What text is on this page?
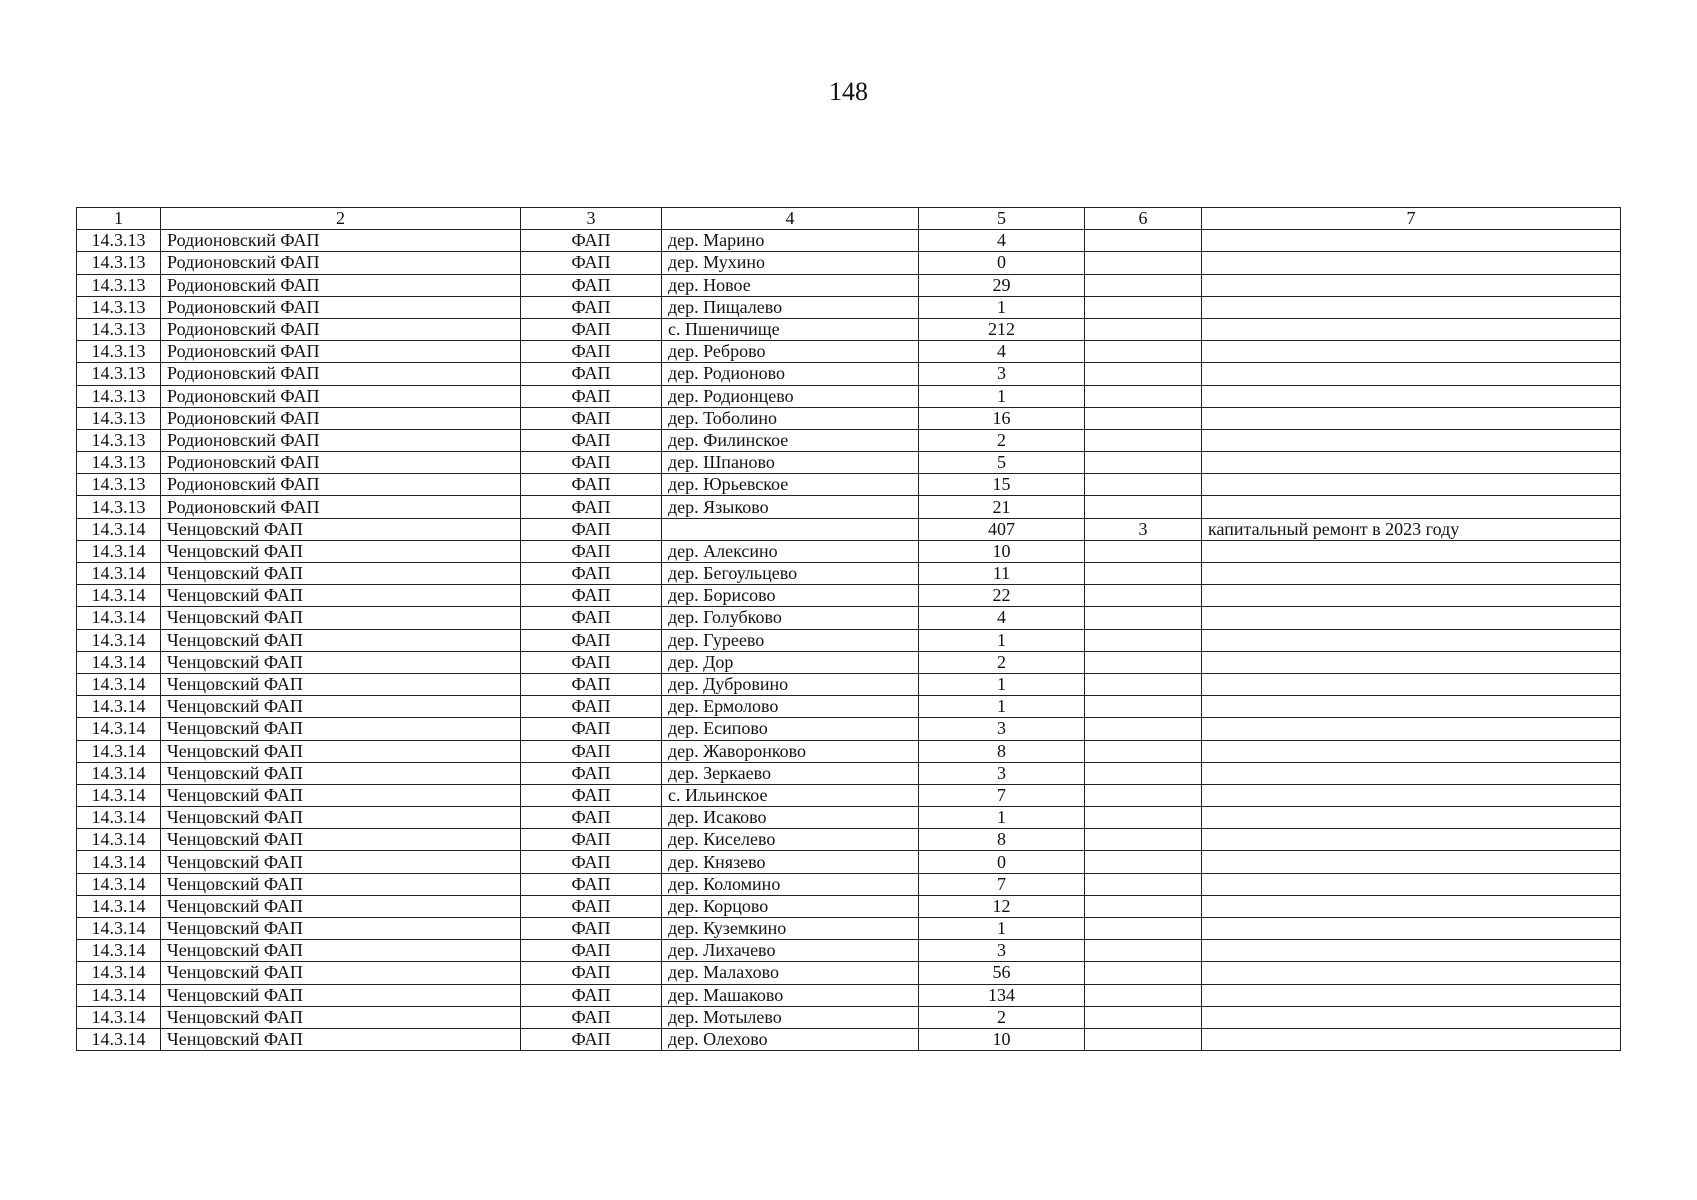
148
1	2	3	4	5	6	7
14.3.13	Родионовский ФАП	ФАП	дер. Марино	4		
14.3.13	Родионовский ФАП	ФАП	дер. Мухино	0		
14.3.13	Родионовский ФАП	ФАП	дер. Новое	29		
14.3.13	Родионовский ФАП	ФАП	дер. Пищалево	1		
14.3.13	Родионовский ФАП	ФАП	с. Пшеничище	212		
14.3.13	Родионовский ФАП	ФАП	дер. Реброво	4		
14.3.13	Родионовский ФАП	ФАП	дер. Родионово	3		
14.3.13	Родионовский ФАП	ФАП	дер. Родионцево	1		
14.3.13	Родионовский ФАП	ФАП	дер. Тоболино	16		
14.3.13	Родионовский ФАП	ФАП	дер. Филинское	2		
14.3.13	Родионовский ФАП	ФАП	дер. Шпаново	5		
14.3.13	Родионовский ФАП	ФАП	дер. Юрьевское	15		
14.3.13	Родионовский ФАП	ФАП	дер. Языково	21		
14.3.14	Ченцовский ФАП	ФАП		407	3	капитальный ремонт в 2023 году
14.3.14	Ченцовский ФАП	ФАП	дер. Алексино	10		
14.3.14	Ченцовский ФАП	ФАП	дер. Бегоульцево	11		
14.3.14	Ченцовский ФАП	ФАП	дер. Борисово	22		
14.3.14	Ченцовский ФАП	ФАП	дер. Голубково	4		
14.3.14	Ченцовский ФАП	ФАП	дер. Гуреево	1		
14.3.14	Ченцовский ФАП	ФАП	дер. Дор	2		
14.3.14	Ченцовский ФАП	ФАП	дер. Дубровино	1		
14.3.14	Ченцовский ФАП	ФАП	дер. Ермолово	1		
14.3.14	Ченцовский ФАП	ФАП	дер. Есипово	3		
14.3.14	Ченцовский ФАП	ФАП	дер. Жаворонково	8		
14.3.14	Ченцовский ФАП	ФАП	дер. Зеркаево	3		
14.3.14	Ченцовский ФАП	ФАП	с. Ильинское	7		
14.3.14	Ченцовский ФАП	ФАП	дер. Исаково	1		
14.3.14	Ченцовский ФАП	ФАП	дер. Киселево	8		
14.3.14	Ченцовский ФАП	ФАП	дер. Князево	0		
14.3.14	Ченцовский ФАП	ФАП	дер. Коломино	7		
14.3.14	Ченцовский ФАП	ФАП	дер. Корцово	12		
14.3.14	Ченцовский ФАП	ФАП	дер. Куземкино	1		
14.3.14	Ченцовский ФАП	ФАП	дер. Лихачево	3		
14.3.14	Ченцовский ФАП	ФАП	дер. Малахово	56		
14.3.14	Ченцовский ФАП	ФАП	дер. Машаково	134		
14.3.14	Ченцовский ФАП	ФАП	дер. Мотылево	2		
14.3.14	Ченцовский ФАП	ФАП	дер. Олехово	10		
